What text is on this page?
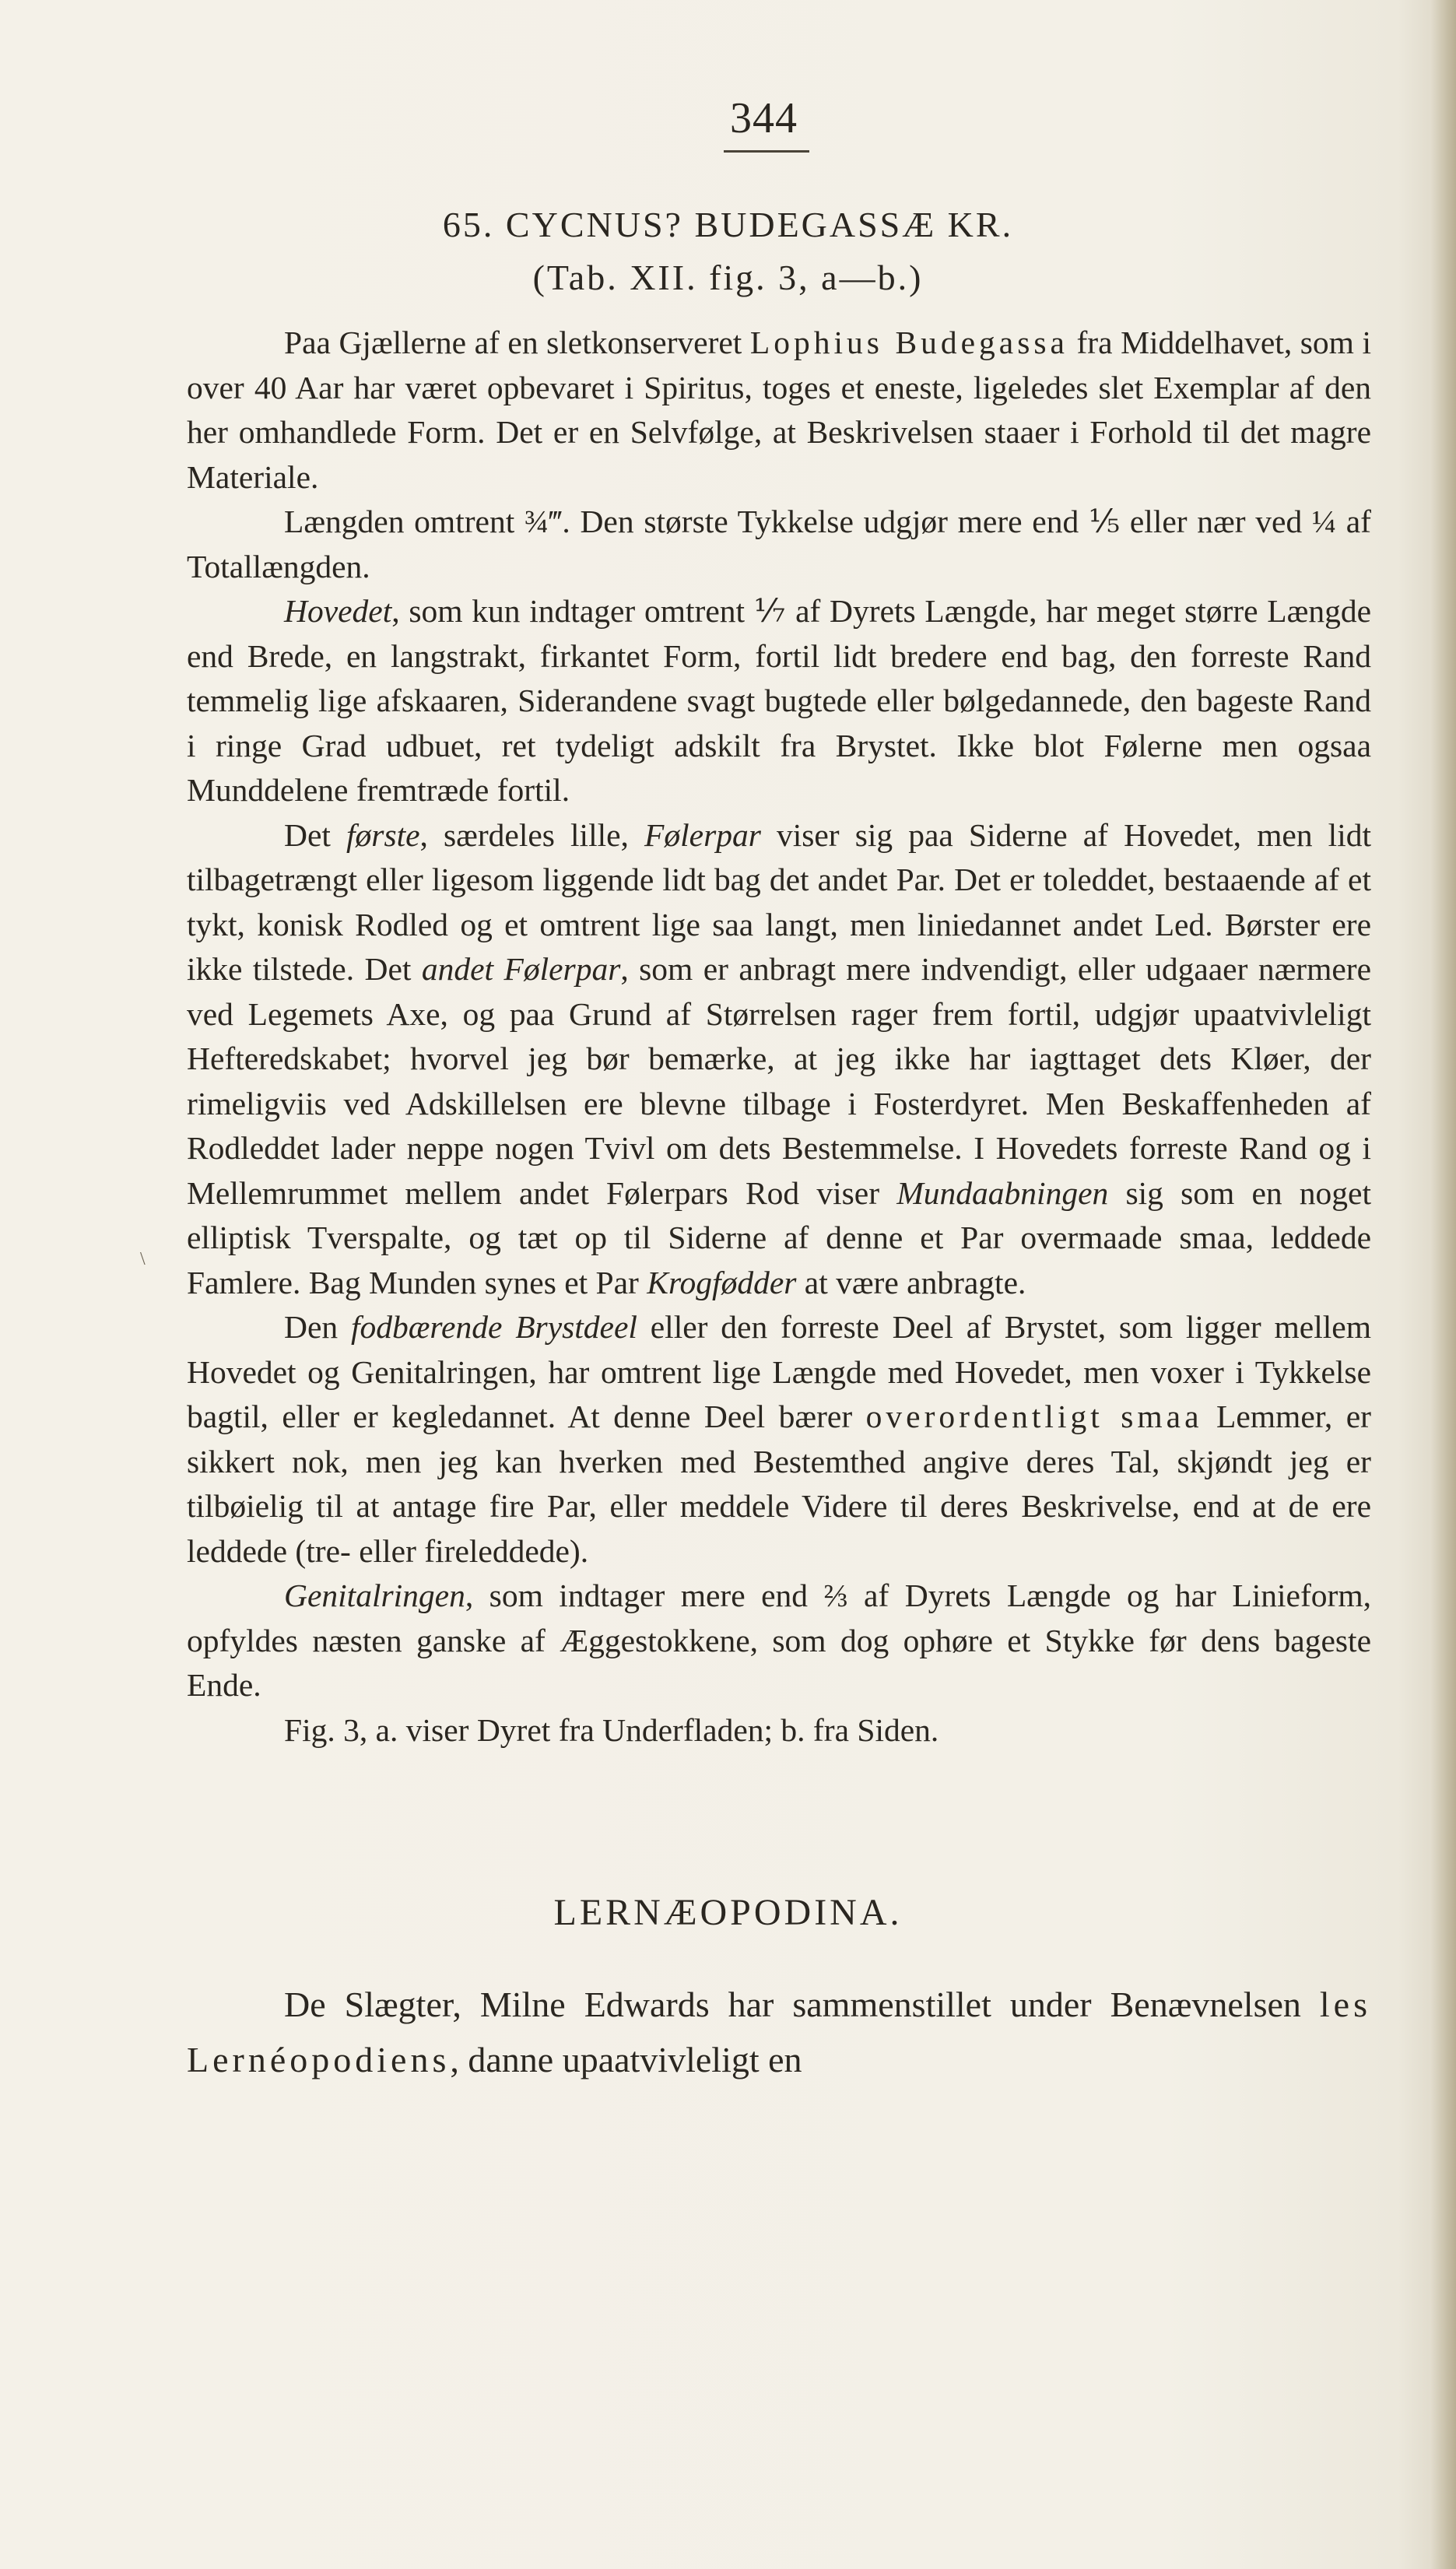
344
65. CYCNUS? BUDEGASSÆ KR.
(Tab. XII. fig. 3, a—b.)

Paa Gjællerne af en sletkonserveret Lophius Budegassa fra Middelhavet, som i over 40 Aar har været opbevaret i Spiritus, toges et eneste, ligeledes slet Exemplar af den her omhandlede Form. Det er en Selvfølge, at Beskrivelsen staaer i Forhold til det magre Materiale.

Længden omtrent ¾‴. Den største Tykkelse udgjør mere end ⅕ eller nær ved ¼ af Totallængden.

Hovedet, som kun indtager omtrent ⅐ af Dyrets Længde, har meget større Længde end Brede, en langstrakt, firkantet Form, fortil lidt bredere end bag, den forreste Rand temmelig lige afskaaren, Siderandene svagt bugtede eller bølgedannede, den bageste Rand i ringe Grad udbuet, ret tydeligt adskilt fra Brystet. Ikke blot Følerne men ogsaa Munddelene fremtræde fortil.

Det første, særdeles lille, Følerpar viser sig paa Siderne af Hovedet, men lidt tilbagetrængt eller ligesom liggende lidt bag det andet Par. Det er toleddet, bestaaende af et tykt, konisk Rodled og et omtrent lige saa langt, men liniedannet andet Led. Børster ere ikke tilstede. Det andet Følerpar, som er anbragt mere indvendigt, eller udgaaer nærmere ved Legemets Axe, og paa Grund af Størrelsen rager frem fortil, udgjør upaatvivleligt Hefteredskabet; hvorvel jeg bør bemærke, at jeg ikke har iagttaget dets Kløer, der rimeligviis ved Adskillelsen ere blevne tilbage i Fosterdyret. Men Beskaffenheden af Rodleddet lader neppe nogen Tvivl om dets Bestemmelse. I Hovedets forreste Rand og i Mellemrummet mellem andet Følerpars Rod viser Mundaabningen sig som en noget elliptisk Tverspalte, og tæt op til Siderne af denne et Par overmaade smaa, leddede Famlere. Bag Munden synes et Par Krogfødder at være anbragte.

Den fodbærende Brystdeel eller den forreste Deel af Brystet, som ligger mellem Hovedet og Genitalringen, har omtrent lige Længde med Hovedet, men voxer i Tykkelse bagtil, eller er kegledannet. At denne Deel bærer overordentligt smaa Lemmer, er sikkert nok, men jeg kan hverken med Bestemthed angive deres Tal, skjøndt jeg er tilbøielig til at antage fire Par, eller meddele Videre til deres Beskrivelse, end at de ere leddede (tre- eller fireleddede).

Genitalringen, som indtager mere end ⅔ af Dyrets Længde og har Linieform, opfyldes næsten ganske af Æggestokkene, som dog ophøre et Stykke før dens bageste Ende.

Fig. 3, a. viser Dyret fra Underfladen; b. fra Siden.

\
LERNÆOPODINA.

De Slægter, Milne Edwards har sammenstillet under Benævnelsen les Lernéopodiens, danne upaatvivleligt en
